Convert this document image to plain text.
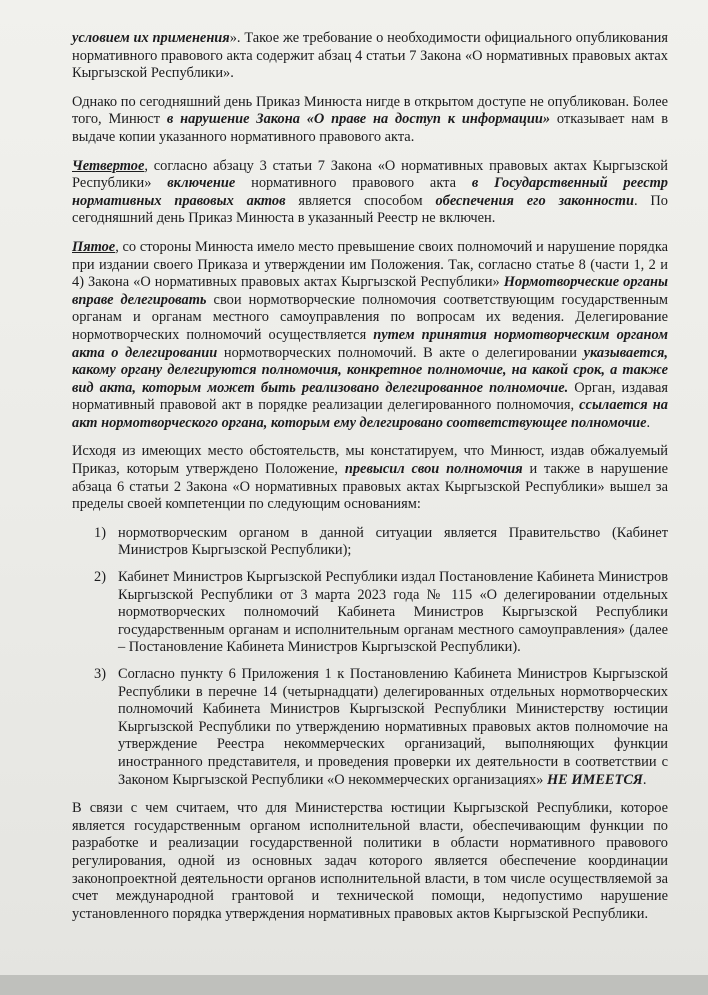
условием их применения». Такое же требование о необходимости официального опубликования нормативного правового акта содержит абзац 4 статьи 7 Закона «О нормативных правовых актах Кыргызской Республики».

Однако по сегодняшний день Приказ Минюста нигде в открытом доступе не опубликован. Более того, Минюст в нарушение Закона «О праве на доступ к информации» отказывает нам в выдаче копии указанного нормативного правового акта.

Четвертое, согласно абзацу 3 статьи 7 Закона «О нормативных правовых актах Кыргызской Республики» включение нормативного правового акта в Государственный реестр нормативных правовых актов является способом обеспечения его законности. По сегодняшний день Приказ Минюста в указанный Реестр не включен.

Пятое, со стороны Минюста имело место превышение своих полномочий и нарушение порядка при издании своего Приказа и утверждении им Положения. Так, согласно статье 8 (части 1, 2 и 4) Закона «О нормативных правовых актах Кыргызской Республики» Нормотворческие органы вправе делегировать свои нормотворческие полномочия соответствующим государственным органам и органам местного самоуправления по вопросам их ведения. Делегирование нормотворческих полномочий осуществляется путем принятия нормотворческим органом акта о делегировании нормотворческих полномочий. В акте о делегировании указывается, какому органу делегируются полномочия, конкретное полномочие, на какой срок, а также вид акта, которым может быть реализовано делегированное полномочие. Орган, издавая нормативный правовой акт в порядке реализации делегированного полномочия, ссылается на акт нормотворческого органа, которым ему делегировано соответствующее полномочие.

Исходя из имеющих место обстоятельств, мы констатируем, что Минюст, издав обжалуемый Приказ, которым утверждено Положение, превысил свои полномочия и также в нарушение абзаца 6 статьи 2 Закона «О нормативных правовых актах Кыргызской Республики» вышел за пределы своей компетенции по следующим основаниям:

1) нормотворческим органом в данной ситуации является Правительство (Кабинет Министров Кыргызской Республики);
2) Кабинет Министров Кыргызской Республики издал Постановление Кабинета Министров Кыргызской Республики от 3 марта 2023 года № 115 «О делегировании отдельных нормотворческих полномочий Кабинета Министров Кыргызской Республики государственным органам и исполнительным органам местного самоуправления» (далее – Постановление Кабинета Министров Кыргызской Республики).
3) Согласно пункту 6 Приложения 1 к Постановлению Кабинета Министров Кыргызской Республики в перечне 14 (четырнадцати) делегированных отдельных нормотворческих полномочий Кабинета Министров Кыргызской Республики Министерству юстиции Кыргызской Республики по утверждению нормативных правовых актов полномочие на утверждение Реестра некоммерческих организаций, выполняющих функции иностранного представителя, и проведения проверки их деятельности в соответствии с Законом Кыргызской Республики «О некоммерческих организациях» НЕ ИМЕЕТСЯ.

В связи с чем считаем, что для Министерства юстиции Кыргызской Республики, которое является государственным органом исполнительной власти, обеспечивающим функции по разработке и реализации государственной политики в области нормативного правового регулирования, одной из основных задач которого является обеспечение координации законопроектной деятельности органов исполнительной власти, в том числе осуществляемой за счет международной грантовой и технической помощи, недопустимо нарушение установленного порядка утверждения нормативных правовых актов Кыргызской Республики.
